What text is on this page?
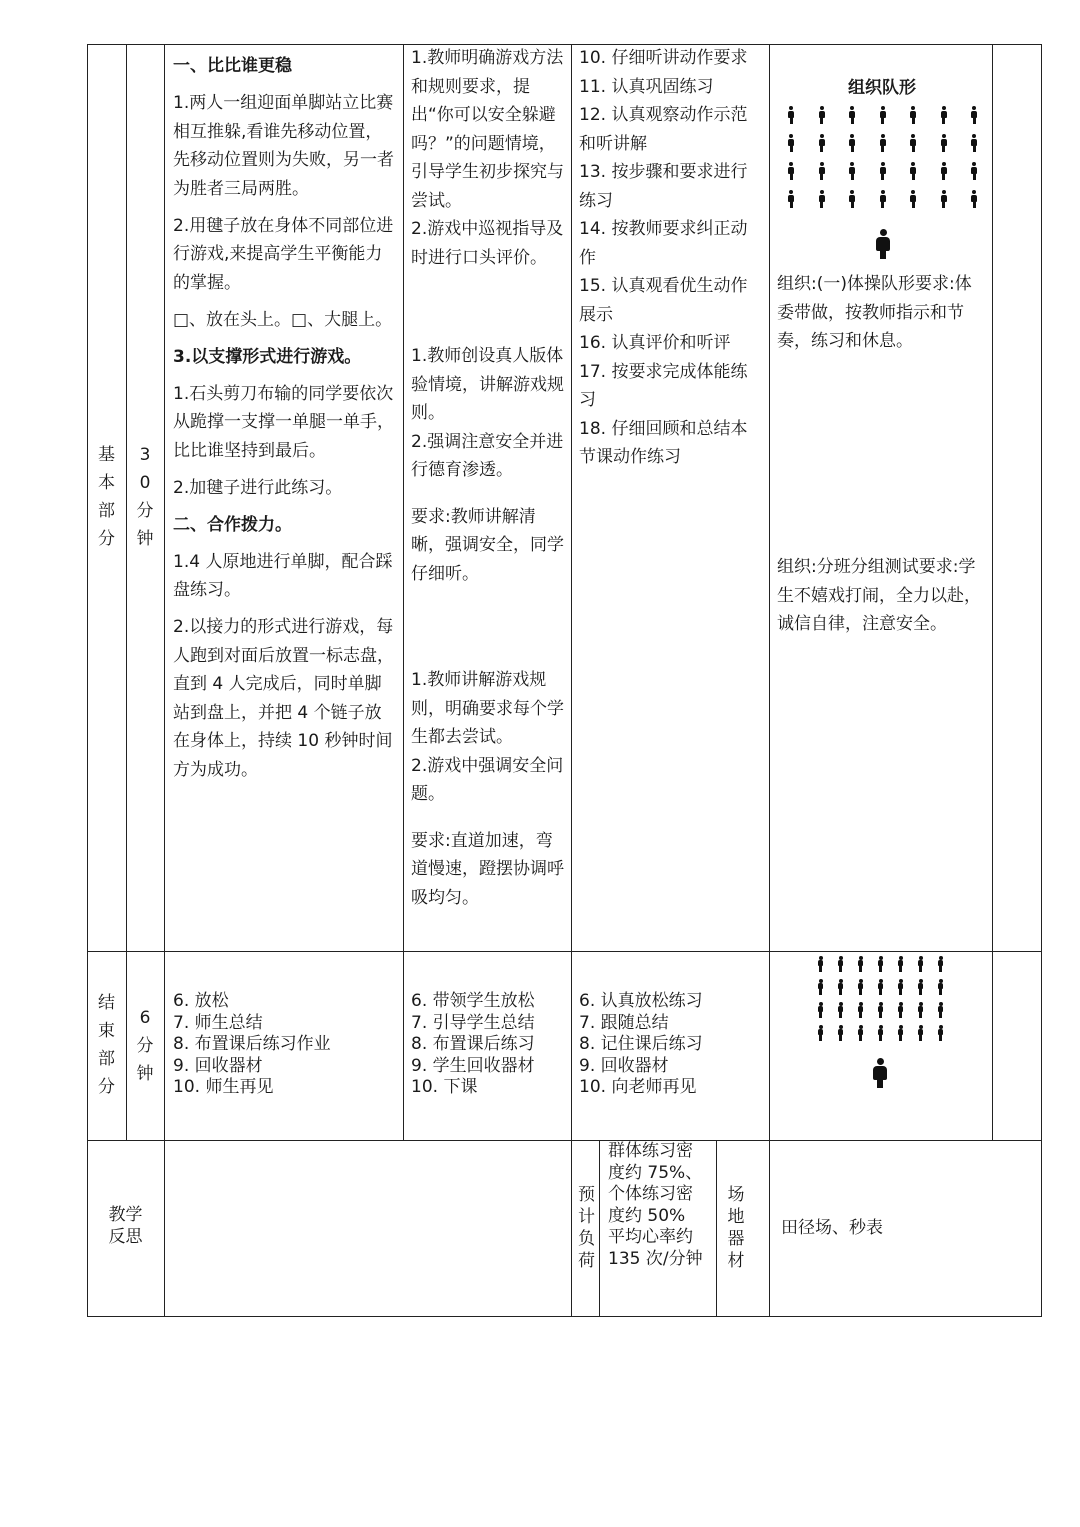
基
本
部
分
3
0
分
钟

一、比比谁更稳

1.两人一组迎面单脚站立比赛相互推躲,看谁先移动位置，先移动位置则为失败，另一者为胜者三局两胜。

2.用毽子放在身体不同部位进行游戏,来提高学生平衡能力的掌握。

□、放在头上。□、大腿上。

3.以支撑形式进行游戏。

1.石头剪刀布输的同学要依次从跪撑一支撑一单腿一单手，比比谁坚持到最后。

2.加毽子进行此练习。

二、合作拨力。

1.4 人原地进行单脚，配合踩盘练习。

2.以接力的形式进行游戏，每人跑到对面后放置一标志盘，直到 4 人完成后，同时单脚站到盘上，并把 4 个链子放在身体上，持续 10 秒钟时间方为成功。

1.教师明确游戏方法和规则要求，提出“你可以安全躲避吗？”的问题情境，引导学生初步探究与尝试。

2.游戏中巡视指导及时进行口头评价。

1.教师创设真人版体验情境，讲解游戏规则。

2.强调注意安全并进行德育渗透。

要求:教师讲解清晰，强调安全，同学仔细听。

1.教师讲解游戏规则，明确要求每个学生都去尝试。

2.游戏中强调安全问题。

要求:直道加速，弯道慢速，蹬摆协调呼吸均匀。

10. 仔细听讲动作要求

11. 认真巩固练习

12. 认真观察动作示范和听讲解

13. 按步骤和要求进行练习

14. 按教师要求纠正动作

15. 认真观看优生动作展示

16. 认真评价和听评

17. 按要求完成体能练习

18. 仔细回顾和总结本节课动作练习

组织队形

组织:(一)体操队形要求:体委带做，按教师指示和节奏，练习和休息。

组织:分班分组测试要求:学生不嬉戏打闹，全力以赴，诚信自律，注意安全。

结
束
部
分
6
分
钟
6. 放松
7. 师生总结
8. 布置课后练习作业
9. 回收器材
10. 师生再见
6. 带领学生放松
7. 引导学生总结
8. 布置课后练习
9. 学生回收器材
10. 下课
6. 认真放松练习
7. 跟随总结
8. 记住课后练习
9. 回收器材
10. 向老师再见
教学
反思
预
计
负
荷
群体练习密
度约 75%、
个体练习密
度约 50%
平均心率约
135 次/分钟
场
地
器
材
田径场、秒表
